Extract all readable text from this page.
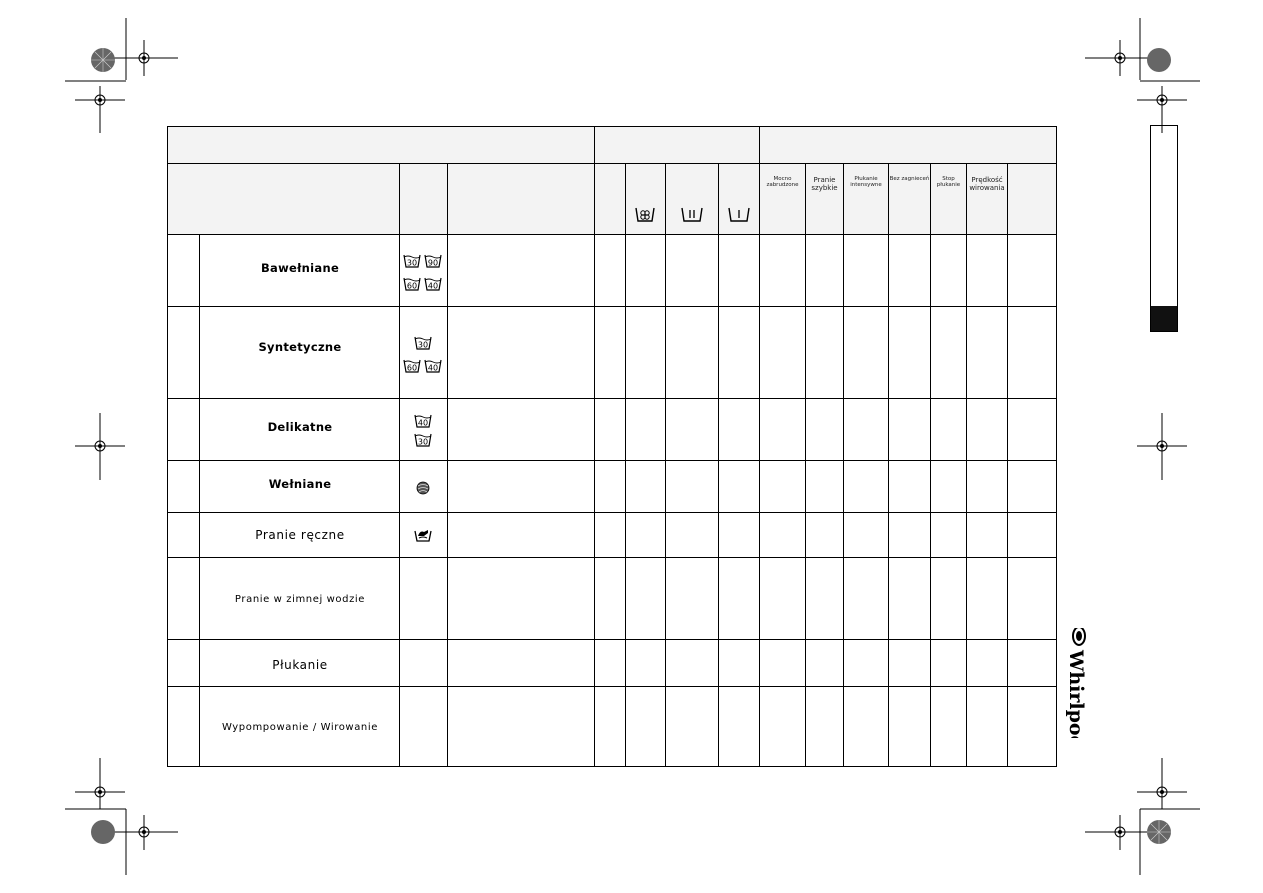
Mocno zabrudzone
Pranie szybkie
Płukanie intensywne
Bez zagnieceń	Stop płukanie
Prędkość wirowania
Bawełniane
Syntetyczne
Delikatne
Wełniane
Pranie ręczne
Pranie w zimnej wodzie
Płukanie
Wypompowanie / Wirowanie
30 90
60 40
30
60 40
40
30
Whirlpool
